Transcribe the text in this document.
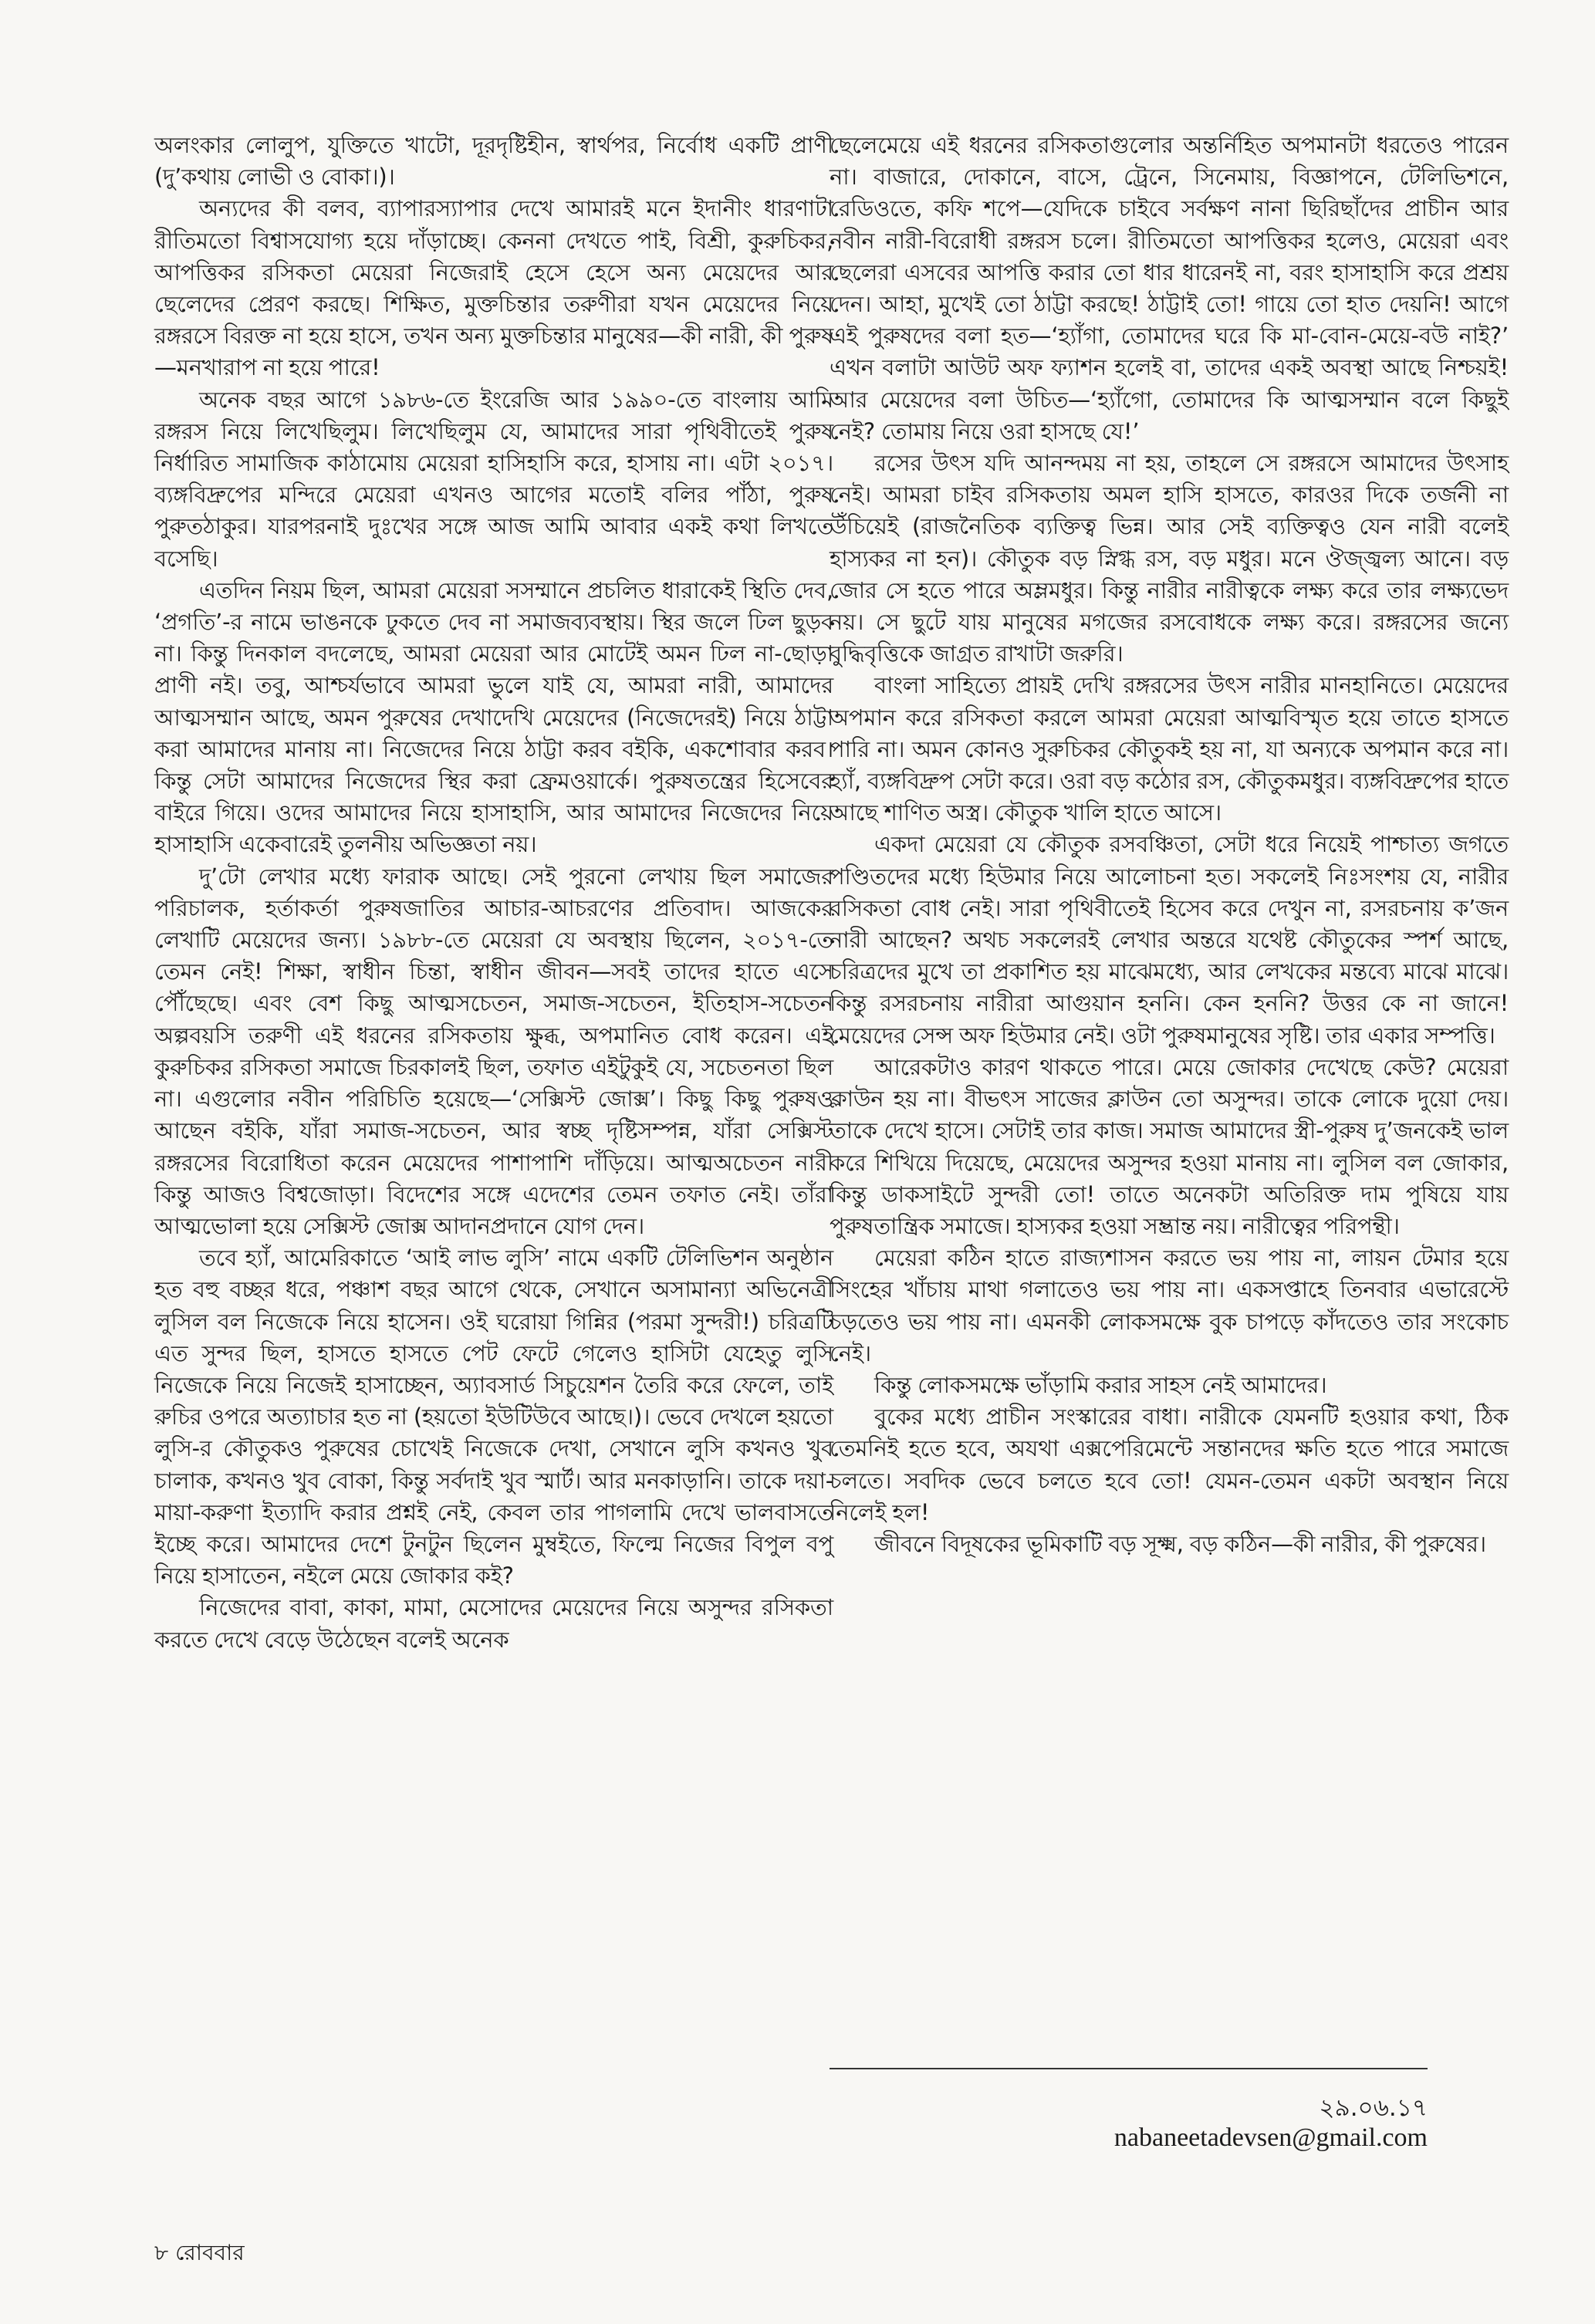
অলংকার লোলুপ, যুক্তিতে খাটো, দূরদৃষ্টিহীন, স্বার্থপর, নির্বোধ একটি প্রাণী (দু’কথায় লোভী ও বোকা।)।

অন্যদের কী বলব, ব্যাপারস্যাপার দেখে আমারই মনে ইদানীং ধারণাটা রীতিমতো বিশ্বাসযোগ্য হয়ে দাঁড়াচ্ছে। কেননা দেখতে পাই, বিশ্রী, কুরুচিকর, আপত্তিকর রসিকতা মেয়েরা নিজেরাই হেসে হেসে অন্য মেয়েদের আর ছেলেদের প্রেরণ করছে। শিক্ষিত, মুক্তচিন্তার তরুণীরা যখন মেয়েদের নিয়ে রঙ্গরসে বিরক্ত না হয়ে হাসে, তখন অন্য মুক্তচিন্তার মানুষের—কী নারী, কী পুরুষ—মনখারাপ না হয়ে পারে!

অনেক বছর আগে ১৯৮৬-তে ইংরেজি আর ১৯৯০-তে বাংলায় আমি রঙ্গরস নিয়ে লিখেছিলুম। লিখেছিলুম যে, আমাদের সারা পৃথিবীতেই পুরুষ নির্ধারিত সামাজিক কাঠামোয় মেয়েরা হাসিহাসি করে, হাসায় না। এটা ২০১৭। ব্যঙ্গবিদ্রুপের মন্দিরে মেয়েরা এখনও আগের মতোই বলির পাঁঠা, পুরুষ পুরুতঠাকুর। যারপরনাই দুঃখের সঙ্গে আজ আমি আবার একই কথা লিখতে বসেছি।

এতদিন নিয়ম ছিল, আমরা মেয়েরা সসম্মানে প্রচলিত ধারাকেই স্থিতি দেব, ‘প্রগতি’-র নামে ভাঙনকে ঢুকতে দেব না সমাজব্যবস্থায়। স্থির জলে ঢিল ছুড়ব না। কিন্তু দিনকাল বদলেছে, আমরা মেয়েরা আর মোটেই অমন ঢিল না-ছোড়া প্রাণী নই। তবু, আশ্চর্যভাবে আমরা ভুলে যাই যে, আমরা নারী, আমাদের আত্মসম্মান আছে, অমন পুরুষের দেখাদেখি মেয়েদের (নিজেদেরই) নিয়ে ঠাট্টা করা আমাদের মানায় না। নিজেদের নিয়ে ঠাট্টা করব বইকি, একশোবার করব। কিন্তু সেটা আমাদের নিজেদের স্থির করা ফ্রেমওয়ার্কে। পুরুষতন্ত্রের হিসেবের বাইরে গিয়ে। ওদের আমাদের নিয়ে হাসাহাসি, আর আমাদের নিজেদের নিয়ে হাসাহাসি একেবারেই তুলনীয় অভিজ্ঞতা নয়।

দু’টো লেখার মধ্যে ফারাক আছে। সেই পুরনো লেখায় ছিল সমাজের পরিচালক, হর্তাকর্তা পুরুষজাতির আচার-আচরণের প্রতিবাদ। আজকের লেখাটি মেয়েদের জন্য। ১৯৮৮-তে মেয়েরা যে অবস্থায় ছিলেন, ২০১৭-তে তেমন নেই! শিক্ষা, স্বাধীন চিন্তা, স্বাধীন জীবন—সবই তাদের হাতে এসে পৌঁছেছে। এবং বেশ কিছু আত্মসচেতন, সমাজ-সচেতন, ইতিহাস-সচেতন অল্পবয়সি তরুণী এই ধরনের রসিকতায় ক্ষুব্ধ, অপমানিত বোধ করেন। এই কুরুচিকর রসিকতা সমাজে চিরকালই ছিল, তফাত এইটুকুই যে, সচেতনতা ছিল না। এগুলোর নবীন পরিচিতি হয়েছে—‘সেক্সিস্ট জোক্স’। কিছু কিছু পুরুষও আছেন বইকি, যাঁরা সমাজ-সচেতন, আর স্বচ্ছ দৃষ্টিসম্পন্ন, যাঁরা সেক্সিস্ট রঙ্গরসের বিরোধিতা করেন মেয়েদের পাশাপাশি দাঁড়িয়ে। আত্মঅচেতন নারী কিন্তু আজও বিশ্বজোড়া। বিদেশের সঙ্গে এদেশের তেমন তফাত নেই। তাঁরা আত্মভোলা হয়ে সেক্সিস্ট জোক্স আদানপ্রদানে যোগ দেন।

তবে হ্যাঁ, আমেরিকাতে ‘আই লাভ লুসি’ নামে একটি টেলিভিশন অনুষ্ঠান হত বহু বচ্ছর ধরে, পঞ্চাশ বছর আগে থেকে, সেখানে অসামান্যা অভিনেত্রী লুসিল বল নিজেকে নিয়ে হাসেন। ওই ঘরোয়া গিন্নির (পরমা সুন্দরী!) চরিত্রটি এত সুন্দর ছিল, হাসতে হাসতে পেট ফেটে গেলেও হাসিটা যেহেতু লুসি নিজেকে নিয়ে নিজেই হাসাচ্ছেন, অ্যাবসার্ড সিচুয়েশন তৈরি করে ফেলে, তাই রুচির ওপরে অত্যাচার হত না (হয়তো ইউটিউবে আছে।)। ভেবে দেখলে হয়তো লুসি-র কৌতুকও পুরুষের চোখেই নিজেকে দেখা, সেখানে লুসি কখনও খুব চালাক, কখনও খুব বোকা, কিন্তু সর্বদাই খুব স্মার্ট। আর মনকাড়ানি। তাকে দয়া-মায়া-করুণা ইত্যাদি করার প্রশ্নই নেই, কেবল তার পাগলামি দেখে ভালবাসতে ইচ্ছে করে। আমাদের দেশে টুনটুন ছিলেন মুম্বইতে, ফিল্মে নিজের বিপুল বপু নিয়ে হাসাতেন, নইলে মেয়ে জোকার কই?

নিজেদের বাবা, কাকা, মামা, মেসোদের মেয়েদের নিয়ে অসুন্দর রসিকতা করতে দেখে বেড়ে উঠেছেন বলেই অনেক

ছেলেমেয়ে এই ধরনের রসিকতাগুলোর অন্তর্নিহিত অপমানটা ধরতেও পারেন না। বাজারে, দোকানে, বাসে, ট্রেনে, সিনেমায়, বিজ্ঞাপনে, টেলিভিশনে, রেডিওতে, কফি শপে—যেদিকে চাইবে সর্বক্ষণ নানা ছিরিছাঁদের প্রাচীন আর নবীন নারী-বিরোধী রঙ্গরস চলে। রীতিমতো আপত্তিকর হলেও, মেয়েরা এবং ছেলেরা এসবের আপত্তি করার তো ধার ধারেনই না, বরং হাসাহাসি করে প্রশ্রয় দেন। আহা, মুখেই তো ঠাট্টা করছে! ঠাট্টাই তো! গায়ে তো হাত দেয়নি! আগে এই পুরুষদের বলা হত—‘হ্যাঁগা, তোমাদের ঘরে কি মা-বোন-মেয়ে-বউ নাই?’ এখন বলাটা আউট অফ ফ্যাশন হলেই বা, তাদের একই অবস্থা আছে নিশ্চয়ই! আর মেয়েদের বলা উচিত—‘হ্যাঁগো, তোমাদের কি আত্মসম্মান বলে কিছুই নেই? তোমায় নিয়ে ওরা হাসছে যে!’

রসের উৎস যদি আনন্দময় না হয়, তাহলে সে রঙ্গরসে আমাদের উৎসাহ নেই। আমরা চাইব রসিকতায় অমল হাসি হাসতে, কারওর দিকে তর্জনী না উঁচিয়েই (রাজনৈতিক ব্যক্তিত্ব ভিন্ন। আর সেই ব্যক্তিত্বও যেন নারী বলেই হাস্যকর না হন)। কৌতুক বড় স্নিগ্ধ রস, বড় মধুর। মনে ঔজ্জ্বল্য আনে। বড় জোর সে হতে পারে অম্লমধুর। কিন্তু নারীর নারীত্বকে লক্ষ্য করে তার লক্ষ্যভেদ নয়। সে ছুটে যায় মানুষের মগজের রসবোধকে লক্ষ্য করে। রঙ্গরসের জন্যে বুদ্ধিবৃত্তিকে জাগ্রত রাখাটা জরুরি।

বাংলা সাহিত্যে প্রায়ই দেখি রঙ্গরসের উৎস নারীর মানহানিতে। মেয়েদের অপমান করে রসিকতা করলে আমরা মেয়েরা আত্মবিস্মৃত হয়ে তাতে হাসতে পারি না। অমন কোনও সুরুচিকর কৌতুকই হয় না, যা অন্যকে অপমান করে না। হ্যাঁ, ব্যঙ্গবিদ্রুপ সেটা করে। ওরা বড় কঠোর রস, কৌতুকমধুর। ব্যঙ্গবিদ্রুপের হাতে আছে শাণিত অস্ত্র। কৌতুক খালি হাতে আসে।

একদা মেয়েরা যে কৌতুক রসবঞ্চিতা, সেটা ধরে নিয়েই পাশ্চাত্য জগতে পণ্ডিতদের মধ্যে হিউমার নিয়ে আলোচনা হত। সকলেই নিঃসংশয় যে, নারীর রসিকতা বোধ নেই। সারা পৃথিবীতেই হিসেব করে দেখুন না, রসরচনায় ক’জন নারী আছেন? অথচ সকলেরই লেখার অন্তরে যথেষ্ট কৌতুকের স্পর্শ আছে, চরিত্রদের মুখে তা প্রকাশিত হয় মাঝেমধ্যে, আর লেখকের মন্তব্যে মাঝে মাঝে। কিন্তু রসরচনায় নারীরা আগুয়ান হননি। কেন হননি? উত্তর কে না জানে! মেয়েদের সেন্স অফ হিউমার নেই। ওটা পুরুষমানুষের সৃষ্টি। তার একার সম্পত্তি।

আরেকটাও কারণ থাকতে পারে। মেয়ে জোকার দেখেছে কেউ? মেয়েরা ক্লাউন হয় না। বীভৎস সাজের ক্লাউন তো অসুন্দর। তাকে লোকে দুয়ো দেয়। তাকে দেখে হাসে। সেটাই তার কাজ। সমাজ আমাদের স্ত্রী-পুরুষ দু’জনকেই ভাল করে শিখিয়ে দিয়েছে, মেয়েদের অসুন্দর হওয়া মানায় না। লুসিল বল জোকার, কিন্তু ডাকসাইটে সুন্দরী তো! তাতে অনেকটা অতিরিক্ত দাম পুষিয়ে যায় পুরুষতান্ত্রিক সমাজে। হাস্যকর হওয়া সম্ভ্রান্ত নয়। নারীত্বের পরিপন্থী।

মেয়েরা কঠিন হাতে রাজ্যশাসন করতে ভয় পায় না, লায়ন টেমার হয়ে সিংহের খাঁচায় মাথা গলাতেও ভয় পায় না। একসপ্তাহে তিনবার এভারেস্টে চড়তেও ভয় পায় না। এমনকী লোকসমক্ষে বুক চাপড়ে কাঁদতেও তার সংকোচ নেই।

কিন্তু লোকসমক্ষে ভাঁড়ামি করার সাহস নেই আমাদের।

বুকের মধ্যে প্রাচীন সংস্কারের বাধা। নারীকে যেমনটি হওয়ার কথা, ঠিক তেমনিই হতে হবে, অযথা এক্সপেরিমেন্টে সন্তানদের ক্ষতি হতে পারে সমাজে চলতে। সবদিক ভেবে চলতে হবে তো! যেমন-তেমন একটা অবস্থান নিয়ে নিলেই হল!

জীবনে বিদূষকের ভূমিকাটি বড় সূক্ষ্ম, বড় কঠিন—কী নারীর, কী পুরুষের।

২৯.০৬.১৭
nabaneetadevsen@gmail.com
৮ রোববার
